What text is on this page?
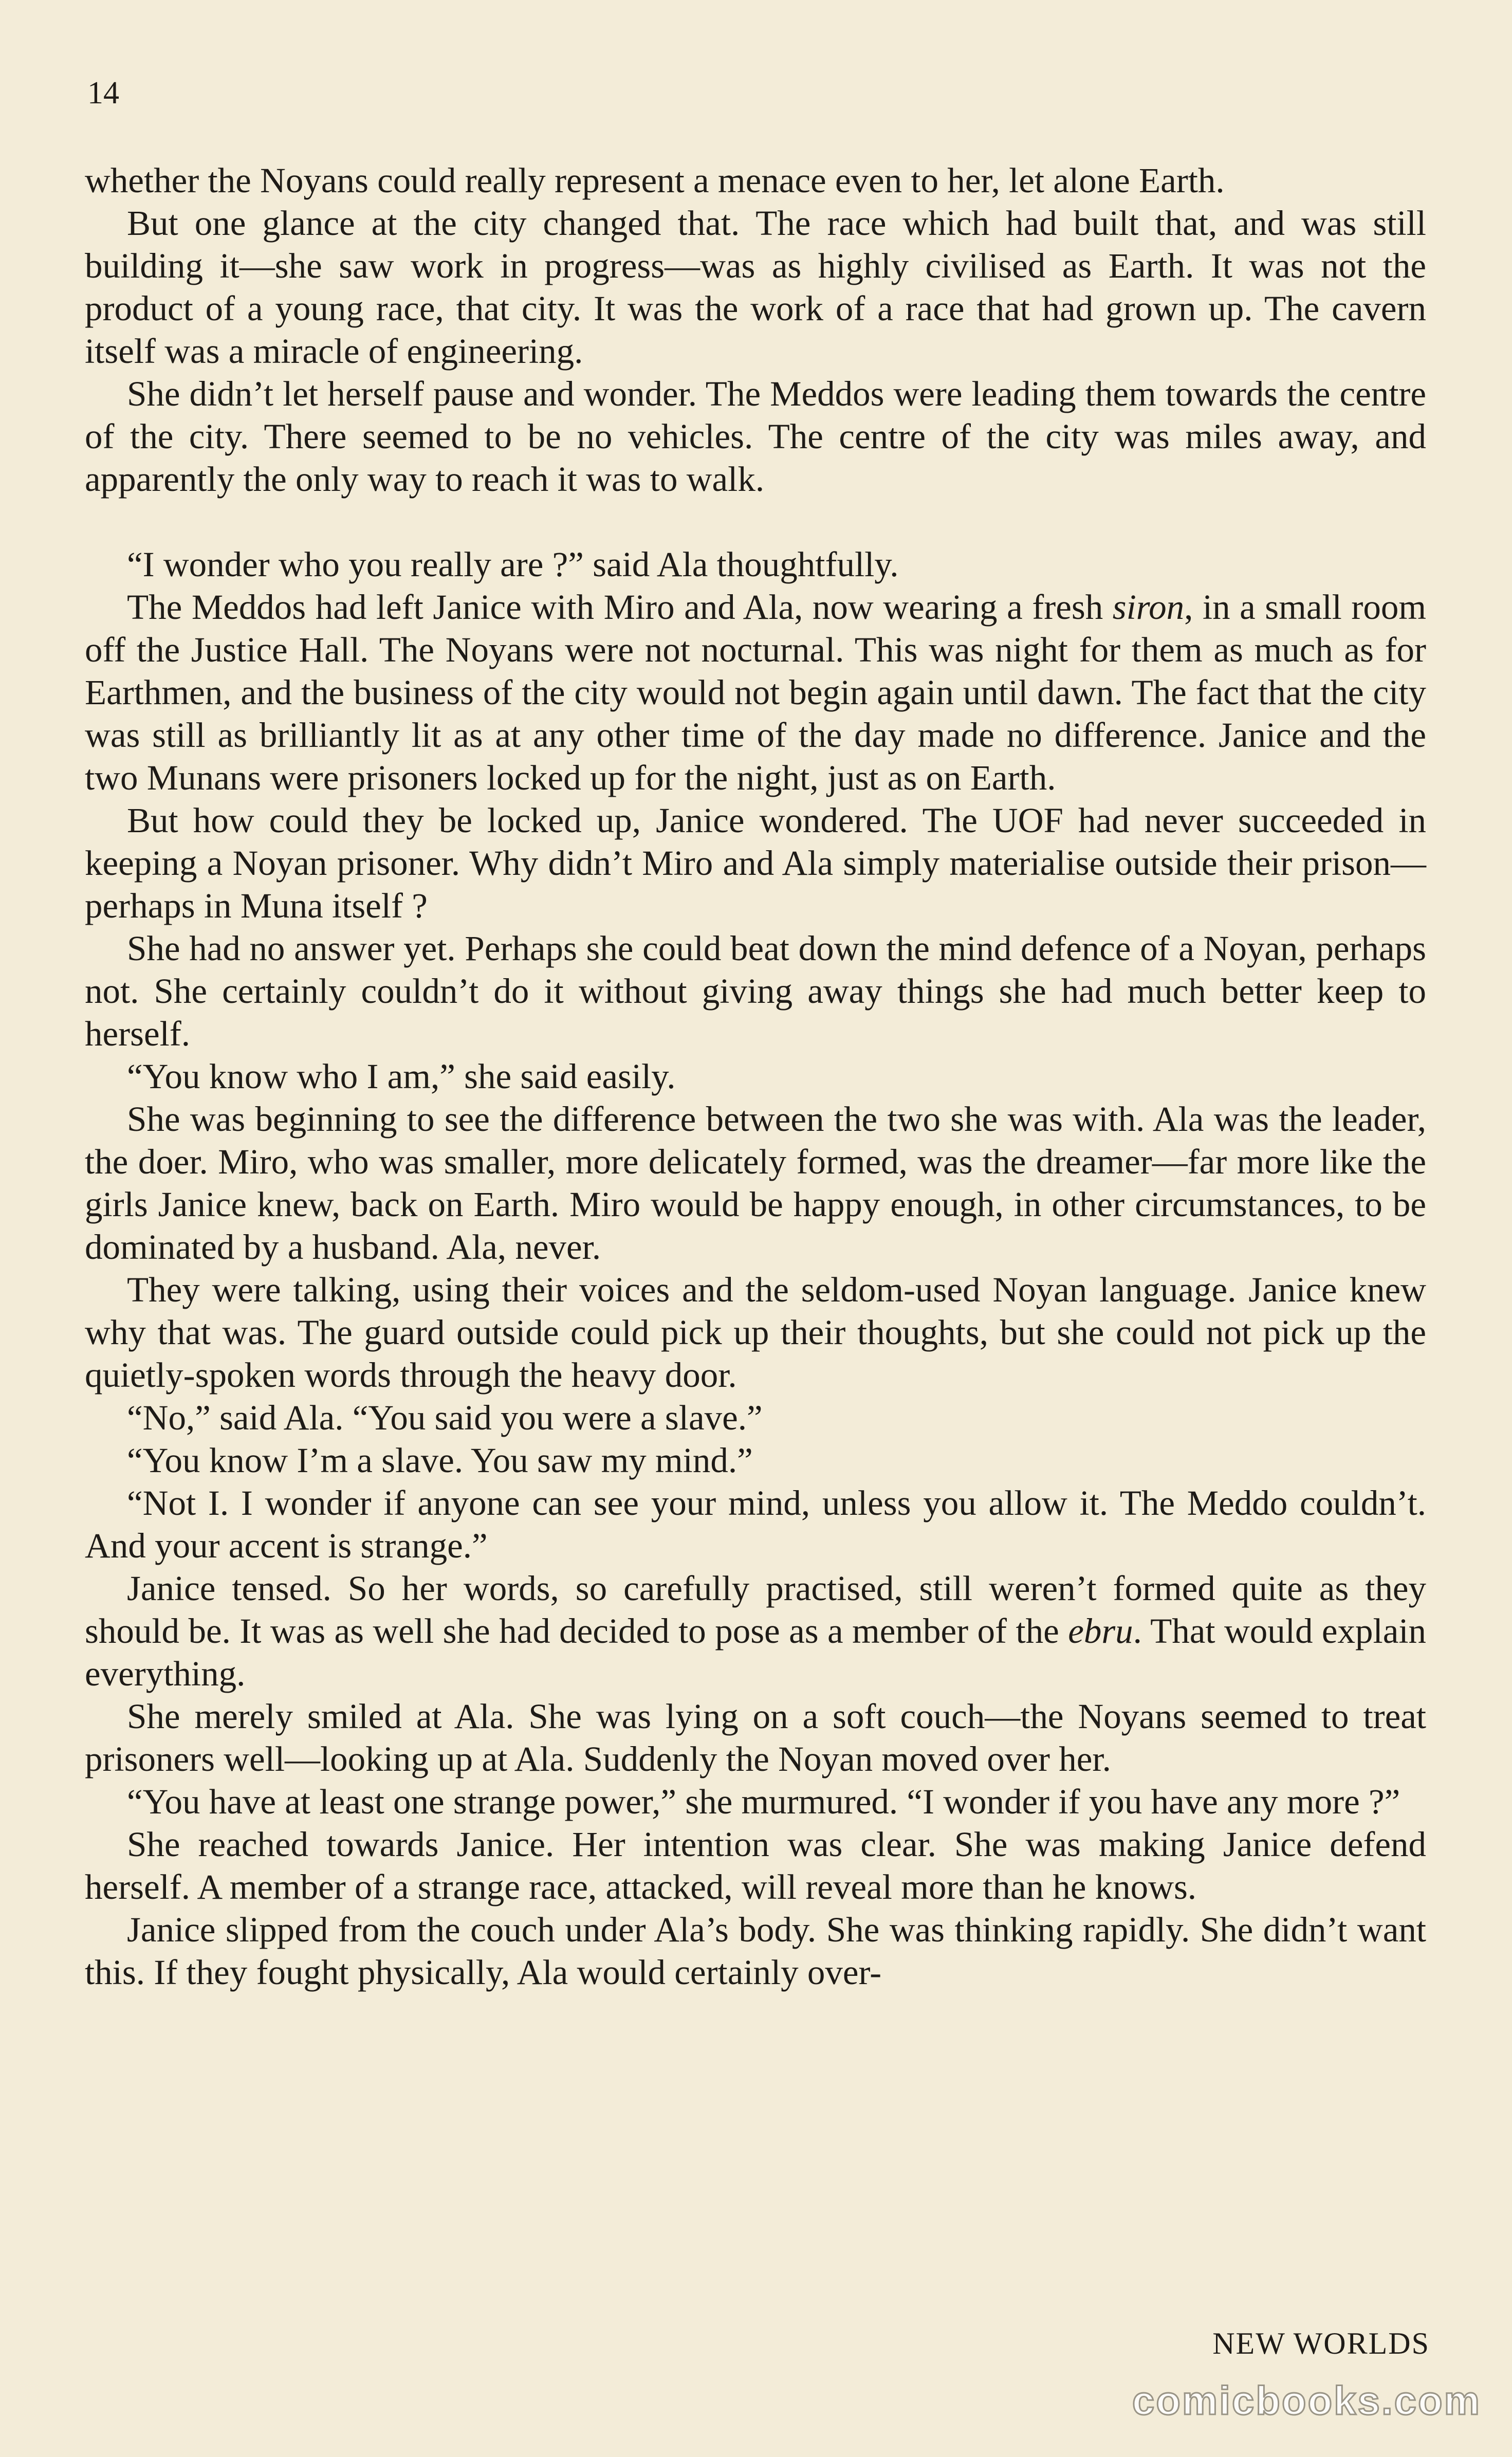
14

whether the Noyans could really represent a menace even to her, let alone Earth.

But one glance at the city changed that. The race which had built that, and was still building it—she saw work in progress—was as highly civilised as Earth. It was not the product of a young race, that city. It was the work of a race that had grown up. The cavern itself was a miracle of engineering.

She didn’t let herself pause and wonder. The Meddos were leading them towards the centre of the city. There seemed to be no vehicles. The centre of the city was miles away, and apparently the only way to reach it was to walk.

“I wonder who you really are ?” said Ala thoughtfully.

The Meddos had left Janice with Miro and Ala, now wearing a fresh siron, in a small room off the Justice Hall. The Noyans were not nocturnal. This was night for them as much as for Earthmen, and the business of the city would not begin again until dawn. The fact that the city was still as brilliantly lit as at any other time of the day made no difference. Janice and the two Munans were prisoners locked up for the night, just as on Earth.

But how could they be locked up, Janice wondered. The UOF had never succeeded in keeping a Noyan prisoner. Why didn’t Miro and Ala simply materialise outside their prison—perhaps in Muna itself ?

She had no answer yet. Perhaps she could beat down the mind defence of a Noyan, perhaps not. She certainly couldn’t do it without giving away things she had much better keep to herself.

“You know who I am,” she said easily.

She was beginning to see the difference between the two she was with. Ala was the leader, the doer. Miro, who was smaller, more delicately formed, was the dreamer—far more like the girls Janice knew, back on Earth. Miro would be happy enough, in other circumstances, to be dominated by a husband. Ala, never.

They were talking, using their voices and the seldom-used Noyan language. Janice knew why that was. The guard outside could pick up their thoughts, but she could not pick up the quietly-spoken words through the heavy door.

“No,” said Ala. “You said you were a slave.”

“You know I’m a slave. You saw my mind.”

“Not I. I wonder if anyone can see your mind, unless you allow it. The Meddo couldn’t. And your accent is strange.”

Janice tensed. So her words, so carefully practised, still weren’t formed quite as they should be. It was as well she had decided to pose as a member of the ebru. That would explain everything.

She merely smiled at Ala. She was lying on a soft couch—the Noyans seemed to treat prisoners well—looking up at Ala. Suddenly the Noyan moved over her.

“You have at least one strange power,” she murmured. “I wonder if you have any more ?”

She reached towards Janice. Her intention was clear. She was making Janice defend herself. A member of a strange race, attacked, will reveal more than he knows.

Janice slipped from the couch under Ala’s body. She was thinking rapidly. She didn’t want this. If they fought physically, Ala would certainly over-

NEW WORLDS
comicbooks.com
